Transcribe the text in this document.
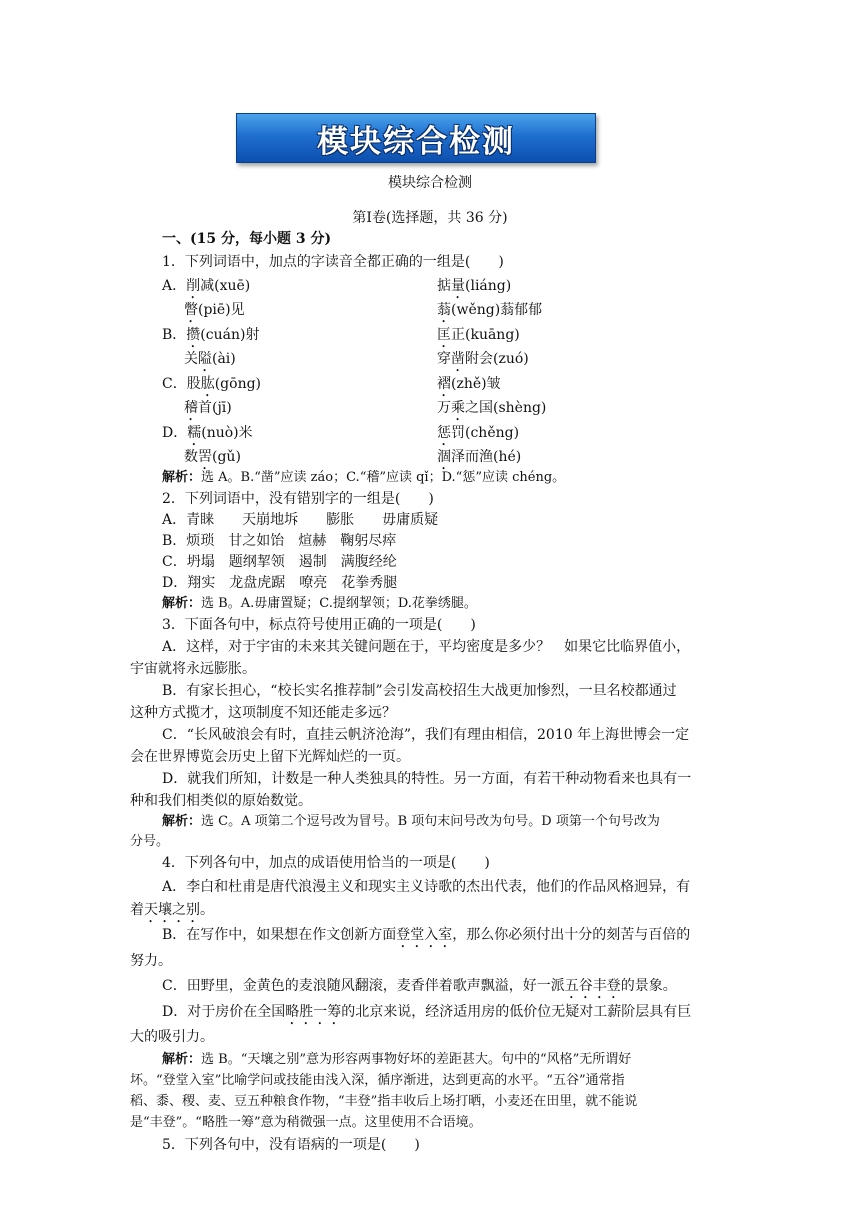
模块综合检测
模块综合检测
第Ⅰ卷(选择题，共 36 分)
一、(15 分，每小题 3 分)
1．下列词语中，加点的字读音全都正确的一组是(　　)
A．削减(xuē)	掂量(liáng)
瞥(piē)见	蓊(wěng)蓊郁郁
B．攒(cuán)射	匡正(kuāng)
关隘(ài)	穿凿附会(zuó)
C．股肱(gōng)	褶(zhě)皱
稽首(jī)	万乘之国(shèng)
D．糯(nuò)米	惩罚(chěng)
数罟(gǔ)	涸泽而渔(hé)
解析：选 A。B.“凿”应读 záo；C.“稽”应读 qǐ；D.“惩”应读 chéng。
2．下列词语中，没有错别字的一组是(　　)
A．青睐　　天崩地坼　　膨胀　　毋庸质疑
B．烦琐　甘之如饴　煊赫　鞠躬尽瘁
C．坍塌　题纲挈领　遏制　满腹经纶
D．翔实　龙盘虎踞　嘹亮　花拳秀腿
解析：选 B。A.毋庸置疑；C.提纲挈领；D.花拳绣腿。
3．下面各句中，标点符号使用正确的一项是(　　)
A．这样，对于宇宙的未来其关键问题在于，平均密度是多少？　如果它比临界值小，
宇宙就将永远膨胀。
B．有家长担心，“校长实名推荐制”会引发高校招生大战更加惨烈，一旦名校都通过
这种方式揽才，这项制度不知还能走多远？
C．“长风破浪会有时，直挂云帆济沧海”，我们有理由相信，2010 年上海世博会一定
会在世界博览会历史上留下光辉灿烂的一页。
D．就我们所知，计数是一种人类独具的特性。另一方面，有若干种动物看来也具有一
种和我们相类似的原始数觉。
解析：选 C。A 项第二个逗号改为冒号。B 项句末问号改为句号。D 项第一个句号改为
分号。
4．下列各句中，加点的成语使用恰当的一项是(　　)
A．李白和杜甫是唐代浪漫主义和现实主义诗歌的杰出代表，他们的作品风格迥异，有
着天壤之别。
B．在写作中，如果想在作文创新方面登堂入室，那么你必须付出十分的刻苦与百倍的
努力。
C．田野里，金黄色的麦浪随风翻滚，麦香伴着歌声飘溢，好一派五谷丰登的景象。
D．对于房价在全国略胜一筹的北京来说，经济适用房的低价位无疑对工薪阶层具有巨
大的吸引力。
解析：选 B。“天壤之别”意为形容两事物好坏的差距甚大。句中的“风格”无所谓好
坏。“登堂入室”比喻学问或技能由浅入深，循序渐进，达到更高的水平。“五谷”通常指
稻、黍、稷、麦、豆五种粮食作物，“丰登”指丰收后上场打晒，小麦还在田里，就不能说
是“丰登”。“略胜一筹”意为稍微强一点。这里使用不合语境。
5．下列各句中，没有语病的一项是(　　)
